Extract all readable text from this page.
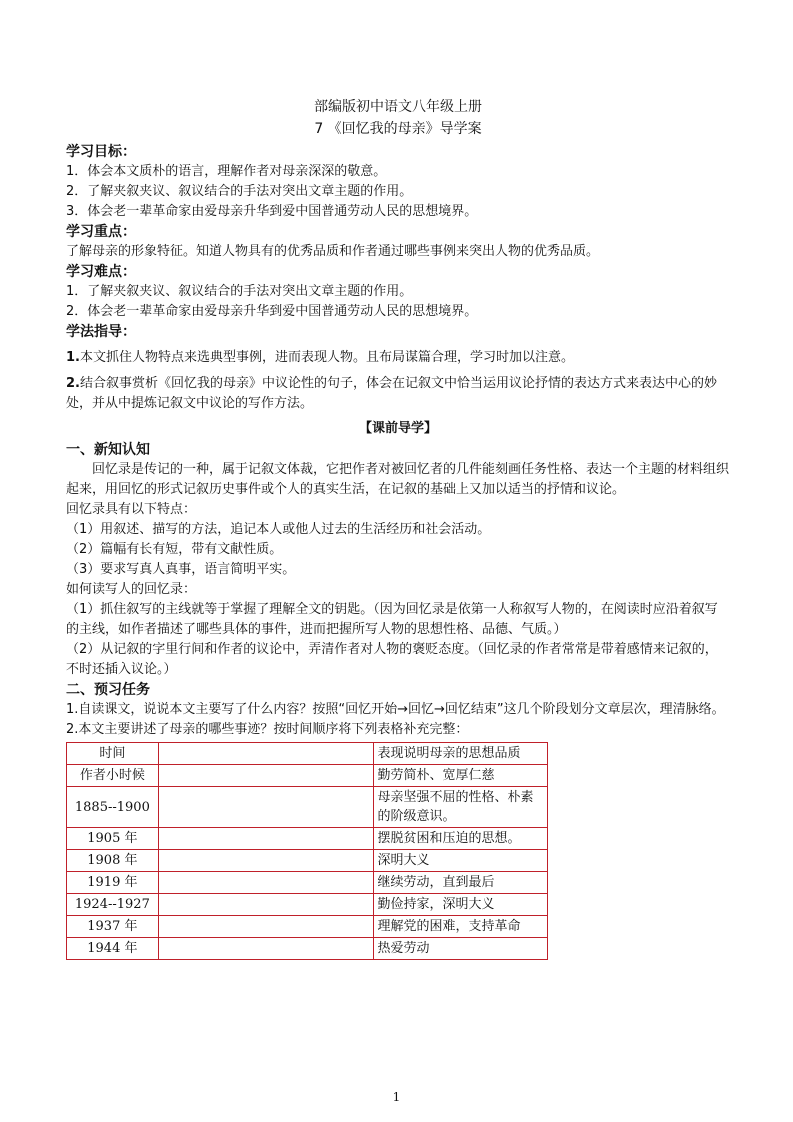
部编版初中语文八年级上册

7 《回忆我的母亲》导学案

学习目标：

1．体会本文质朴的语言，理解作者对母亲深深的敬意。

2．了解夹叙夹议、叙议结合的手法对突出文章主题的作用。

3．体会老一辈革命家由爱母亲升华到爱中国普通劳动人民的思想境界。

学习重点：

了解母亲的形象特征。知道人物具有的优秀品质和作者通过哪些事例来突出人物的优秀品质。

学习难点：

1．了解夹叙夹议、叙议结合的手法对突出文章主题的作用。

2．体会老一辈革命家由爱母亲升华到爱中国普通劳动人民的思想境界。

学法指导：

1.本文抓住人物特点来选典型事例，进而表现人物。且布局谋篇合理，学习时加以注意。

2.结合叙事赏析《回忆我的母亲》中议论性的句子，体会在记叙文中恰当运用议论抒情的表达方式来表达中心的妙处，并从中提炼记叙文中议论的写作方法。

【课前导学】

一、新知认知

回忆录是传记的一种，属于记叙文体裁，它把作者对被回忆者的几件能刻画任务性格、表达一个主题的材料组织起来，用回忆的形式记叙历史事件或个人的真实生活，在记叙的基础上又加以适当的抒情和议论。

回忆录具有以下特点：

（1）用叙述、描写的方法，追记本人或他人过去的生活经历和社会活动。

（2）篇幅有长有短，带有文献性质。

（3）要求写真人真事，语言简明平实。

如何读写人的回忆录：

（1）抓住叙写的主线就等于掌握了理解全文的钥匙。（因为回忆录是依第一人称叙写人物的，在阅读时应沿着叙写的主线，如作者描述了哪些具体的事件，进而把握所写人物的思想性格、品德、气质。）

（2）从记叙的字里行间和作者的议论中，弄清作者对人物的褒贬态度。（回忆录的作者常常是带着感情来记叙的，不时还插入议论。）

二、预习任务

1.自读课文，说说本文主要写了什么内容？按照“回忆开始→回忆→回忆结束”这几个阶段划分文章层次，理清脉络。

2.本文主要讲述了母亲的哪些事迹？按时间顺序将下列表格补充完整：

时间		表现说明母亲的思想品质
作者小时候		勤劳简朴、宽厚仁慈
1885--1900		母亲坚强不屈的性格、朴素的阶级意识。
1905 年		摆脱贫困和压迫的思想。
1908 年		深明大义
1919 年		继续劳动，直到最后
1924--1927		勤俭持家，深明大义
1937 年		理解党的困难，支持革命
1944 年		热爱劳动
1
